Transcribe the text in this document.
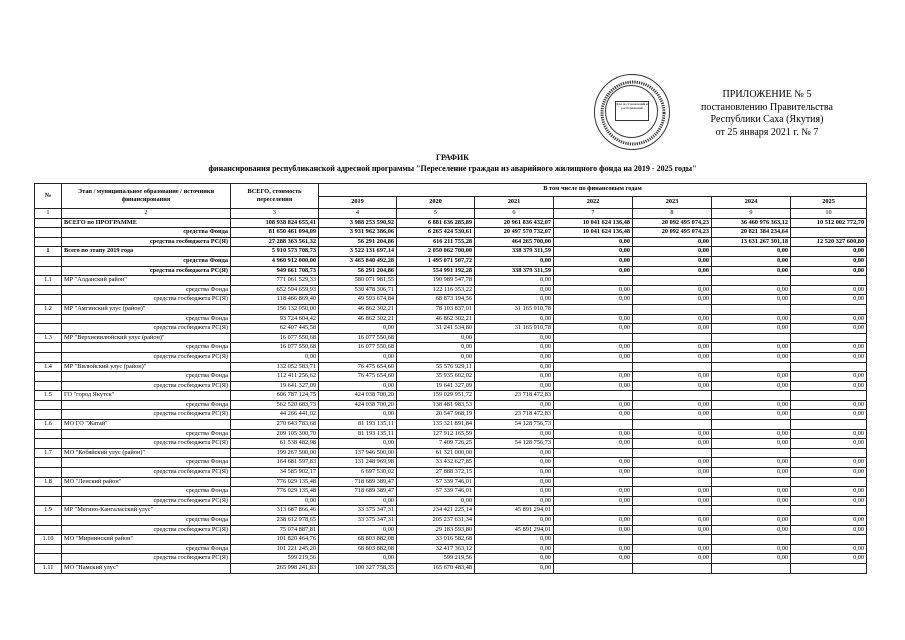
Для постановлений и распоряжений
ПРИЛОЖЕНИЕ № 5
постановлению Правительства
Республики Саха (Якутия)
от 25 января 2021 г. № 7
ГРАФИК
финансирования республиканской адресной программы "Переселение граждан из аварийного жилищного фонда на 2019 - 2025 годы"
№	Этап / муниципальное образование / источники финансирования	ВСЕГО, стоимость переселения	В том числе по финансовым годам						
			2019	2020	2021	2022	2023	2024	2025
1	2	3	4	5	6	7	8	9	10
	ВСЕГО по ПРОГРАММЕ	108 938 824 655,41	3 988 253 590,92	6 881 636 285,89	20 961 836 432,07	10 041 624 136,48	20 092 495 074,23	36 460 976 363,12	10 512 002 772,70
	средства Фонда	81 650 461 094,09	3 931 962 386,06	6 265 424 530,61	20 497 570 732,07	10 041 624 136,48	20 092 495 074,23	20 821 384 234,64	
	средства госбюджета РС(Я)	27 288 363 561,32	56 291 204,86	616 211 755,28	464 265 700,00	0,00	0,00	13 631 267 301,18	12 520 327 600,80
1	Всего по этапу 2019 года	5 910 573 708,73	3 522 131 697,14	2 050 062 700,00	338 379 311,59	0,00	0,00	0,00	0,00
	средства Фонда	4 960 912 000,00	3 465 840 492,28	1 495 071 507,72	0,00	0,00	0,00	0,00	0,00
	средства госбюджета РС(Я)	949 661 708,73	56 291 204,86	554 991 192,28	338 379 311,59	0,00	0,00	0,00	0,00
1.1	МР "Алданский район"	771 061 529,33	580 071 981,55	190 989 547,78	0,00				
	средства Фонда	652 594 659,93	530 478 306,71	122 116 353,22	0,00	0,00	0,00	0,00	0,00
	средства госбюджета РС(Я)	118 466 869,40	49 593 674,84	68 873 194,56	0,00	0,00	0,00	0,00	0,00
1.2	МР "Амгинский улус (район)"	156 132 050,00	46 862 302,21	78 103 837,01	31 165 910,78				
	средства Фонда	93 724 604,42	46 862 302,21	46 862 302,21	0,00	0,00	0,00	0,00	0,00
	средства госбюджета РС(Я)	62 407 445,58	0,00	31 241 534,80	31 165 910,78	0,00	0,00	0,00	0,00
1.3	МР "Верхневилюйский улус (район)"	16 077 550,68	16 077 550,68	0,00	0,00				
	средства Фонда	16 077 550,68	16 077 550,68	0,00	0,00	0,00	0,00	0,00	0,00
	средства госбюджета РС(Я)	0,00	0,00	0,00	0,00	0,00	0,00	0,00	0,00
1.4	МР "Вилюйский улус (район)"	132 052 583,71	76 475 654,60	55 576 929,11	0,00				
	средства Фонда	112 411 256,62	76 475 654,60	35 935 602,02	0,00	0,00	0,00	0,00	0,00
	средства госбюджета РС(Я)	19 641 327,09	0,00	19 641 327,09	0,00	0,00	0,00	0,00	0,00
1.5	ГО "город Якутск"	606 787 124,75	424 038 700,20	159 029 951,72	23 718 472,83				
	средства Фонда	562 520 683,73	424 038 700,20	138 481 983,53	0,00	0,00	0,00	0,00	0,00
	средства госбюджета РС(Я)	44 266 441,02	0,00	20 547 968,19	23 718 472,83	0,00	0,00	0,00	0,00
1.6	МО ГО "Жатай"	270 643 783,68	81 193 135,11	135 321 891,84	54 128 756,73				
	средства Фонда	209 105 300,70	81 193 135,11	127 912 165,59	0,00	0,00	0,00	0,00	0,00
	средства госбюджета РС(Я)	61 538 482,98	0,00	7 409 726,25	54 128 756,73	0,00	0,00	0,00	0,00
1.7	МО "Кобяйский улус (район)"	199 267 500,00	137 946 500,00	61 321 000,00	0,00				
	средства Фонда	164 681 597,83	131 248 969,98	33 432 627,85	0,00	0,00	0,00	0,00	0,00
	средства госбюджета РС(Я)	34 585 902,17	6 697 530,02	27 888 372,15	0,00	0,00	0,00	0,00	0,00
1.8	МО "Ленский район"	776 029 135,48	718 689 389,47	57 339 746,01	0,00				
	средства Фонда	776 029 135,48	718 689 389,47	57 339 746,01	0,00	0,00	0,00	0,00	0,00
	средства госбюджета РС(Я)	0,00	0,00	0,00	0,00	0,00	0,00	0,00	0,00
1.9	МР "Мегино-Кангаласский улус"	313 687 866,46	33 375 347,31	234 421 225,14	45 891 294,01				
	средства Фонда	238 612 978,65	33 375 347,31	205 237 631,34	0,00	0,00	0,00	0,00	0,00
	средства госбюджета РС(Я)	75 074 887,81	0,00	29 183 593,80	45 891 294,01	0,00	0,00	0,00	0,00
1.10	МО "Мирнинский район"	101 820 464,76	68 803 882,08	33 016 582,68	0,00				
	средства Фонда	101 221 245,20	68 803 882,08	32 417 363,12	0,00	0,00	0,00	0,00	0,00
	средства госбюджета РС(Я)	599 219,56	0,00	599 219,56	0,00	0,00	0,00	0,00	0,00
1.11	МО "Намский улус"	265 998 241,83	100 327 758,35	165 670 483,48	0,00				
